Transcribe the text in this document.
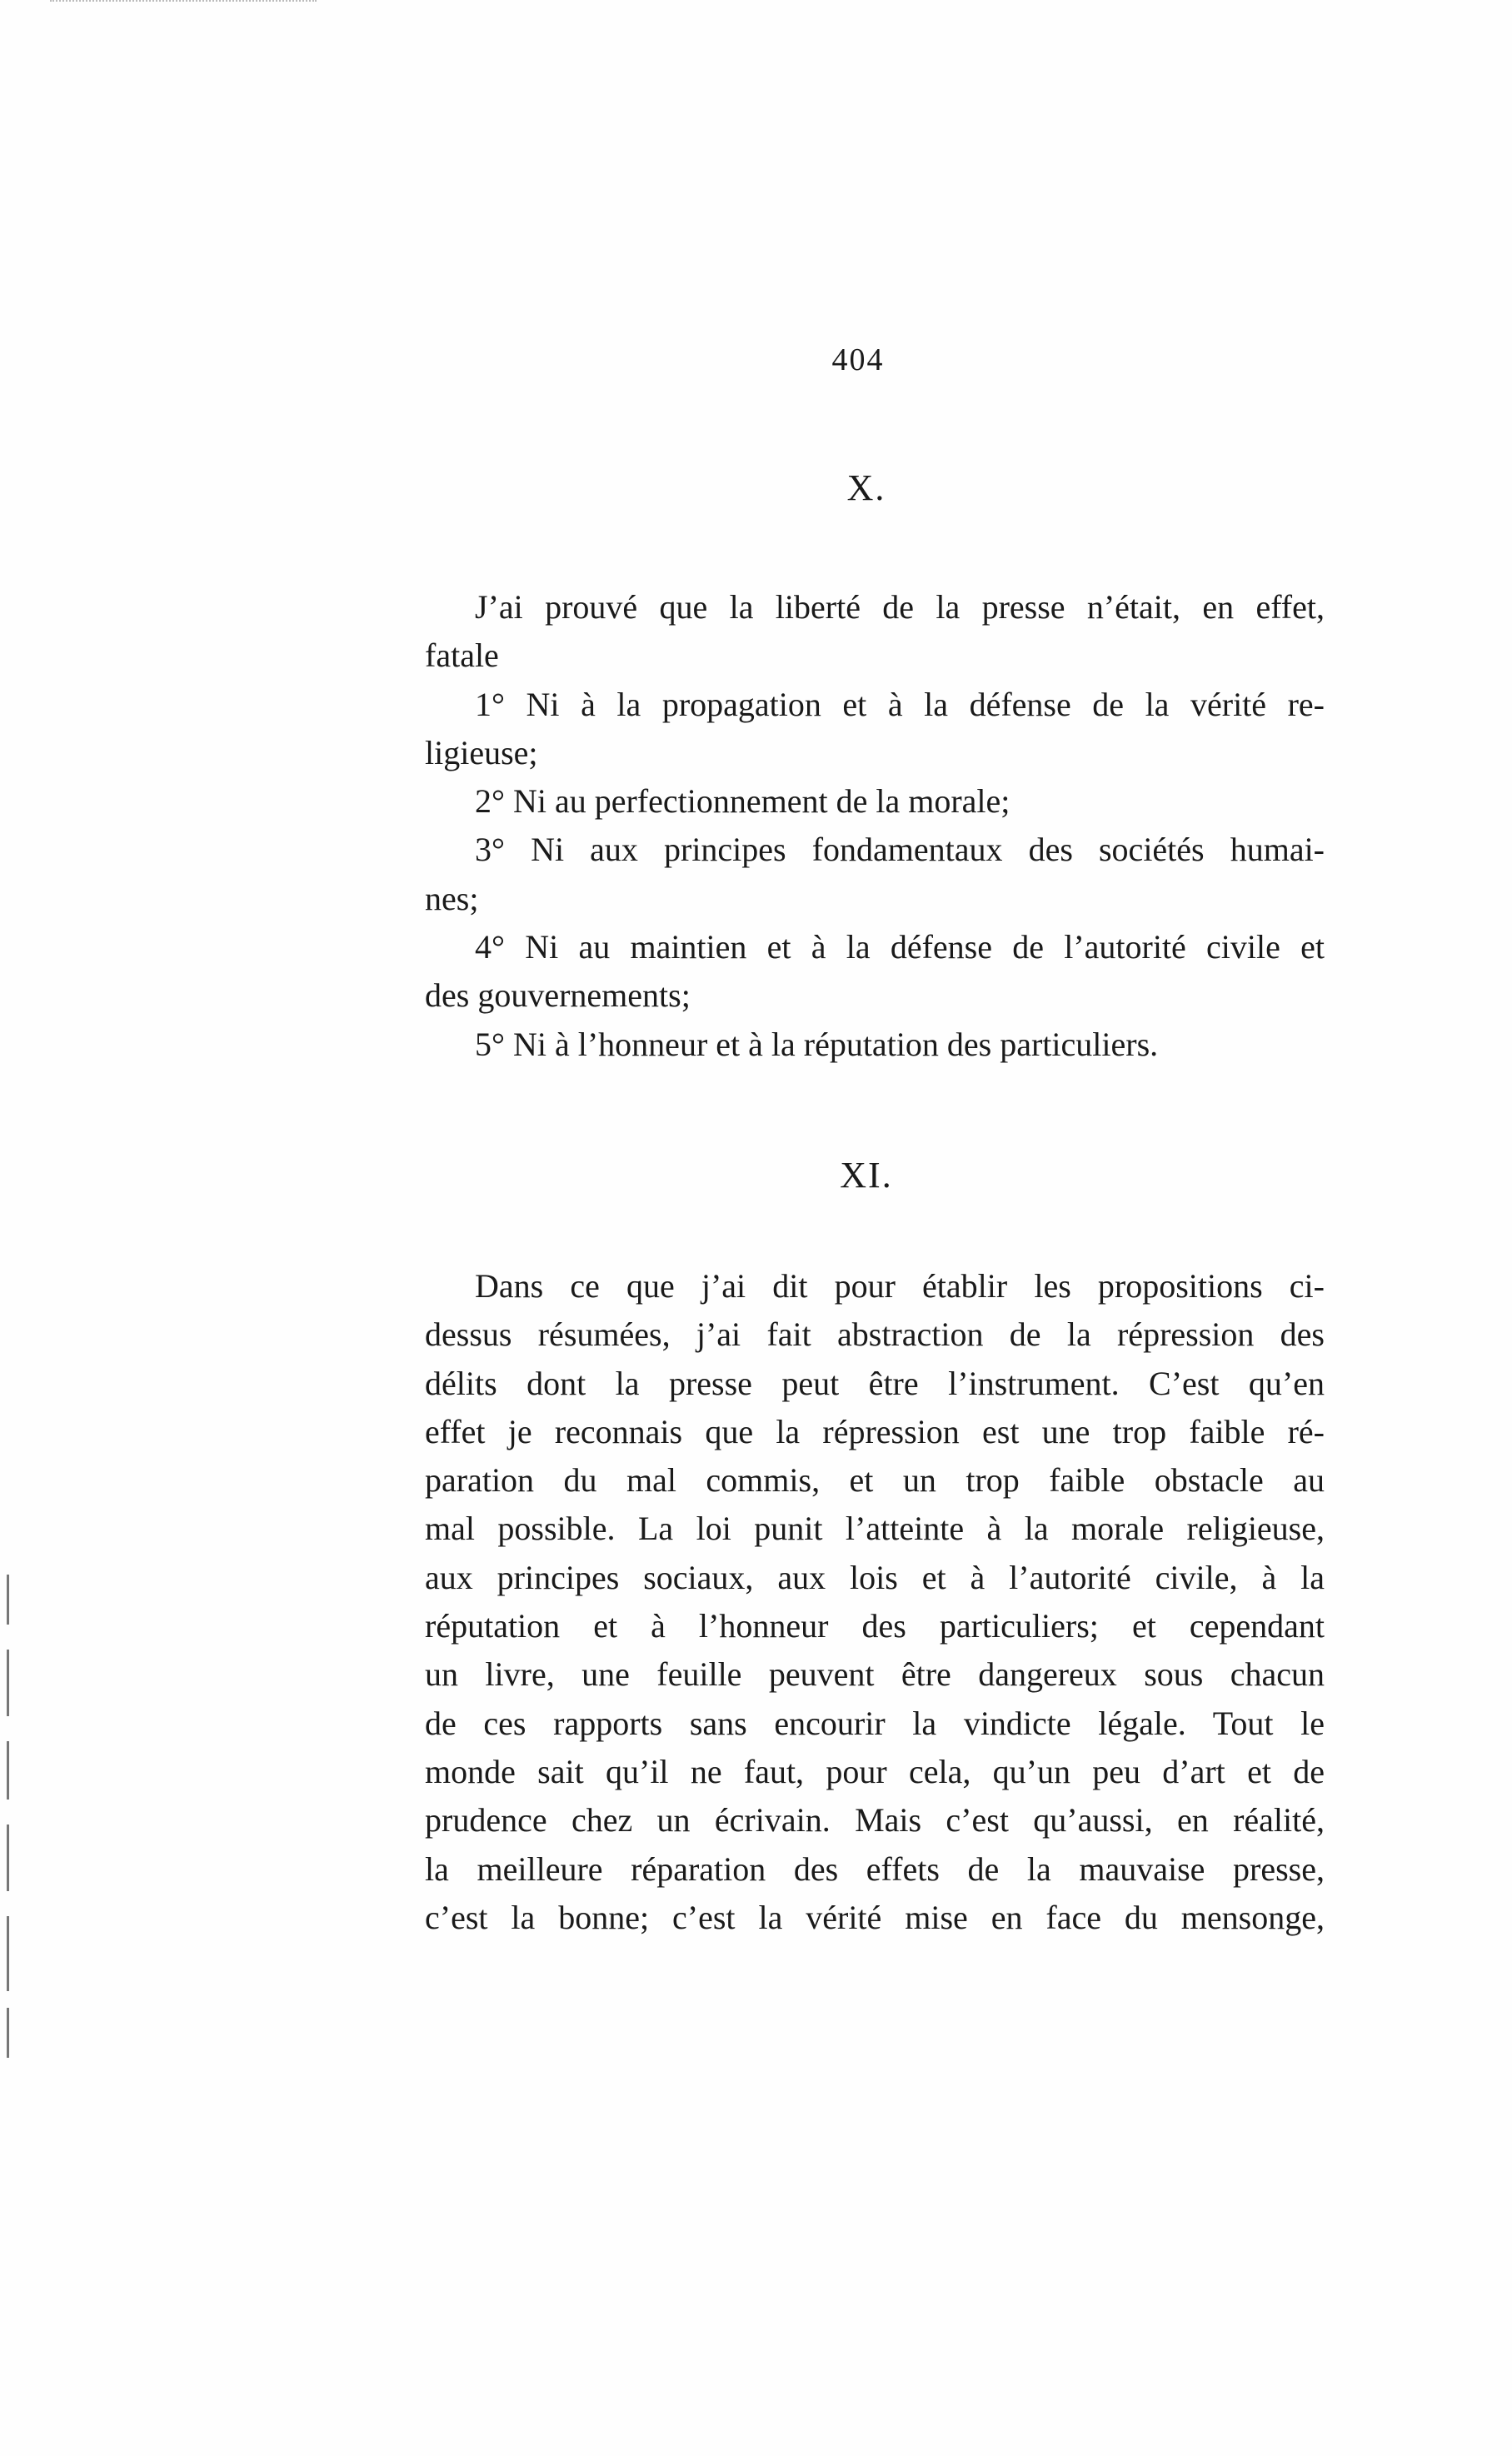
404
X.
J’ai prouvé que la liberté de la presse n’était, en effet,
fatale
1° Ni à la propagation et à la défense de la vérité re-
ligieuse;
2° Ni au perfectionnement de la morale;
3° Ni aux principes fondamentaux des sociétés humai-
nes;
4° Ni au maintien et à la défense de l’autorité civile et
des gouvernements;
5° Ni à l’honneur et à la réputation des particuliers.
XI.
Dans ce que j’ai dit pour établir les propositions ci-
dessus résumées, j’ai fait abstraction de la répression des
délits dont la presse peut être l’instrument. C’est qu’en
effet je reconnais que la répression est une trop faible ré-
paration du mal commis, et un trop faible obstacle au
mal possible. La loi punit l’atteinte à la morale religieuse,
aux principes sociaux, aux lois et à l’autorité civile, à la
réputation et à l’honneur des particuliers; et cependant
un livre, une feuille peuvent être dangereux sous chacun
de ces rapports sans encourir la vindicte légale. Tout le
monde sait qu’il ne faut, pour cela, qu’un peu d’art et de
prudence chez un écrivain. Mais c’est qu’aussi, en réalité,
la meilleure réparation des effets de la mauvaise presse,
c’est la bonne; c’est la vérité mise en face du mensonge,
